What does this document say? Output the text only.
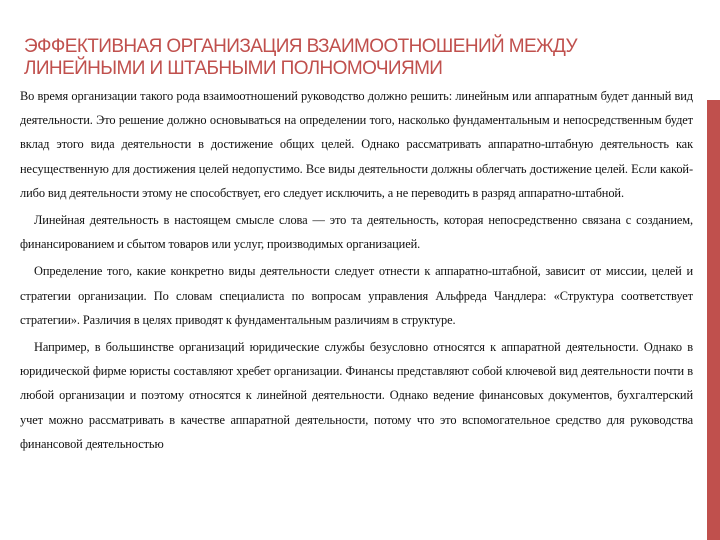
ЭФФЕКТИВНАЯ ОРГАНИЗАЦИЯ ВЗАИМООТНОШЕНИЙ МЕЖДУ
ЛИНЕЙНЫМИ И ШТАБНЫМИ ПОЛНОМОЧИЯМИ

Во время организации такого рода взаимоотношений руководство должно решить: линейным или аппаратным будет данный вид деятельности. Это решение должно основываться на определении того, насколько фундаментальным и непосредственным будет вклад этого вида деятельности в достижение общих целей. Однако рассматривать аппаратно-штабную деятельность как несущественную для достижения целей недопустимо. Все виды деятельности должны облегчать достижение целей. Если какой-либо вид деятельности этому не способствует, его следует исключить, а не переводить в разряд аппаратно-штабной.

Линейная деятельность в настоящем смысле слова — это та деятельность, которая непосредственно связана с созданием, финансированием и сбытом товаров или услуг, производимых организацией.

Определение того, какие конкретно виды деятельности следует отнести к аппаратно-штабной, зависит от миссии, целей и стратегии организации. По словам специалиста по вопросам управления Альфреда Чандлера: «Структура соответствует стратегии». Различия в целях приводят к фундаментальным различиям в структуре.

Например, в большинстве организаций юридические службы безусловно относятся к аппаратной деятельности. Однако в юридической фирме юристы составляют хребет организации. Финансы представляют собой ключевой вид деятельности почти в любой организации и поэтому относятся к линейной деятельности. Однако ведение финансовых документов, бухгалтерский учет можно рассматривать в качестве аппаратной деятельности, потому что это вспомогательное средство для руководства финансовой деятельностью
